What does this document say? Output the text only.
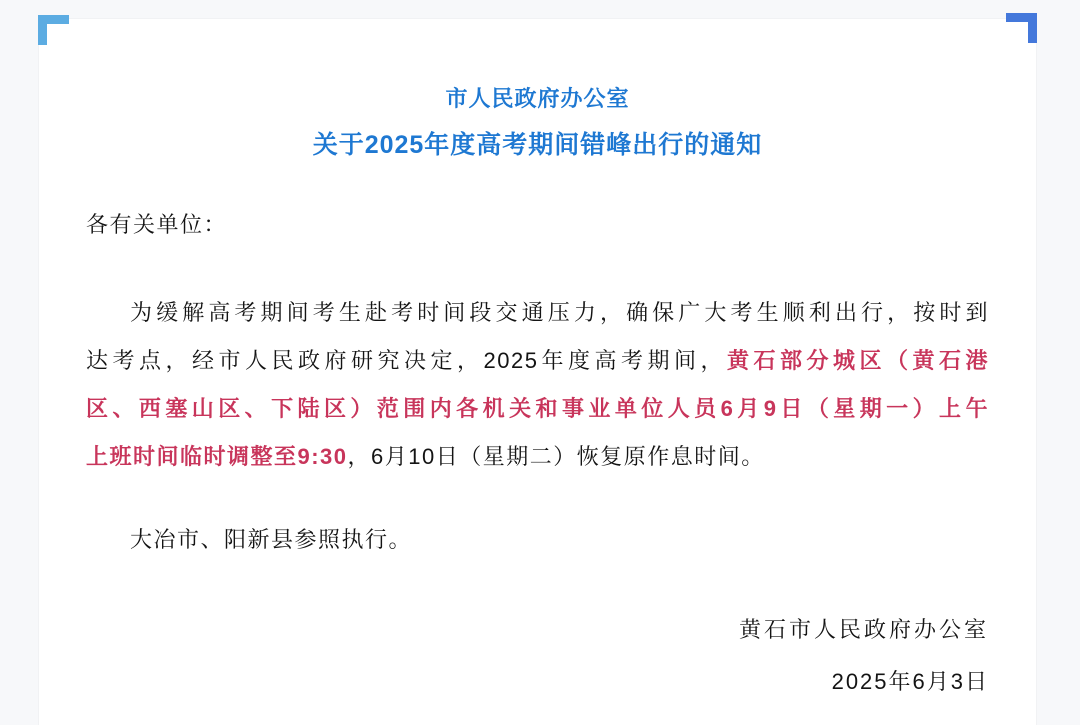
市人民政府办公室
关于2025年度高考期间错峰出行的通知
各有关单位：
为缓解高考期间考生赴考时间段交通压力，确保广大考生顺利出行，按时到
达考点，经市人民政府研究决定，2025年度高考期间，黄石部分城区（黄石港
区、西塞山区、下陆区）范围内各机关和事业单位人员6月9日（星期一）上午
上班时间临时调整至9:30，6月10日（星期二）恢复原作息时间。
大冶市、阳新县参照执行。
黄石市人民政府办公室
2025年6月3日
